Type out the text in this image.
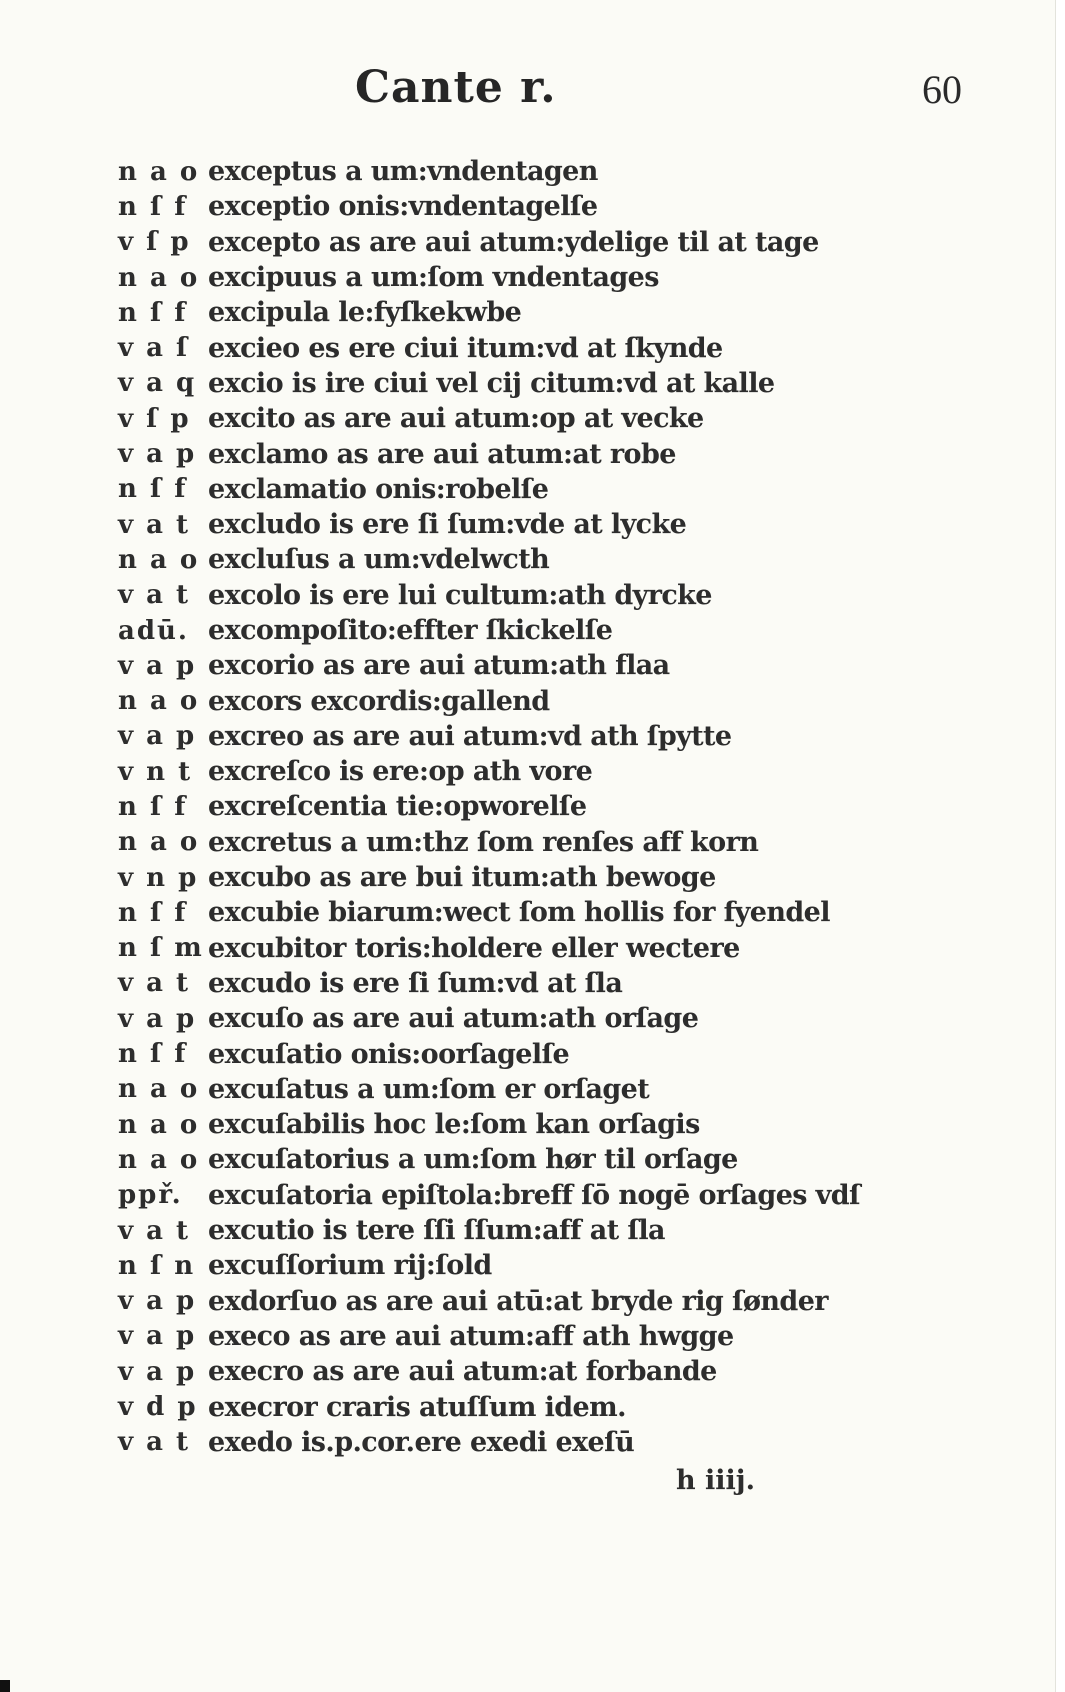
Cante r.	60
n a o exceptus a um:vndentagen
n ſ f exceptio onis:vndentagelſe
v ſ p excepto as are aui atum:ydelige til at tage
n a o excipuus a um:ſom vndentages
n ſ f excipula le:fyſkekwbe
v a ſ excieo es ere ciui itum:vd at ſkynde
v a q excio is ire ciui vel cij citum:vd at kalle
v ſ p excito as are aui atum:op at vecke
v a p exclamo as are aui atum:at robe
n ſ f exclamatio onis:robelſe
v a t excludo is ere ſi ſum:vde at lycke
n a o excluſus a um:vdelwcth
v a t excolo is ere lui cultum:ath dyrcke
adū. excompoſito:effter ſkickelſe
v a p excorio as are aui atum:ath flaa
n a o excors excordis:gallend
v a p excreo as are aui atum:vd ath ſpytte
v n t excreſco is ere:op ath vore
n ſ f excreſcentia tie:opworelſe
n a o excretus a um:thz ſom renſes aff korn
v n p excubo as are bui itum:ath bewoge
n ſ f excubie biarum:wect ſom hollis for fyendel
n ſ m excubitor toris:holdere eller wectere
v a t excudo is ere ſi ſum:vd at ſla
v a p excuſo as are aui atum:ath orſage
n ſ f excuſatio onis:oorſagelſe
n a o excuſatus a um:ſom er orſaget
n a o excuſabilis hoc le:ſom kan orſagis
n a o excuſatorius a um:ſom hør til orſage
ppř. excuſatoria epiſtola:breff ſō nogē orſages vdſ
v a t excutio is tere ſſi ſſum:aff at ſla
n ſ n excuſſorium rij:ſold
v a p exdorſuo as are aui atū:at bryde rig ſønder
v a p execo as are aui atum:aff ath hwgge
v a p execro as are aui atum:at forbande
v d p execror craris atuſſum idem.
v a t exedo is.p.cor.ere exedi exeſū
h iiij.
